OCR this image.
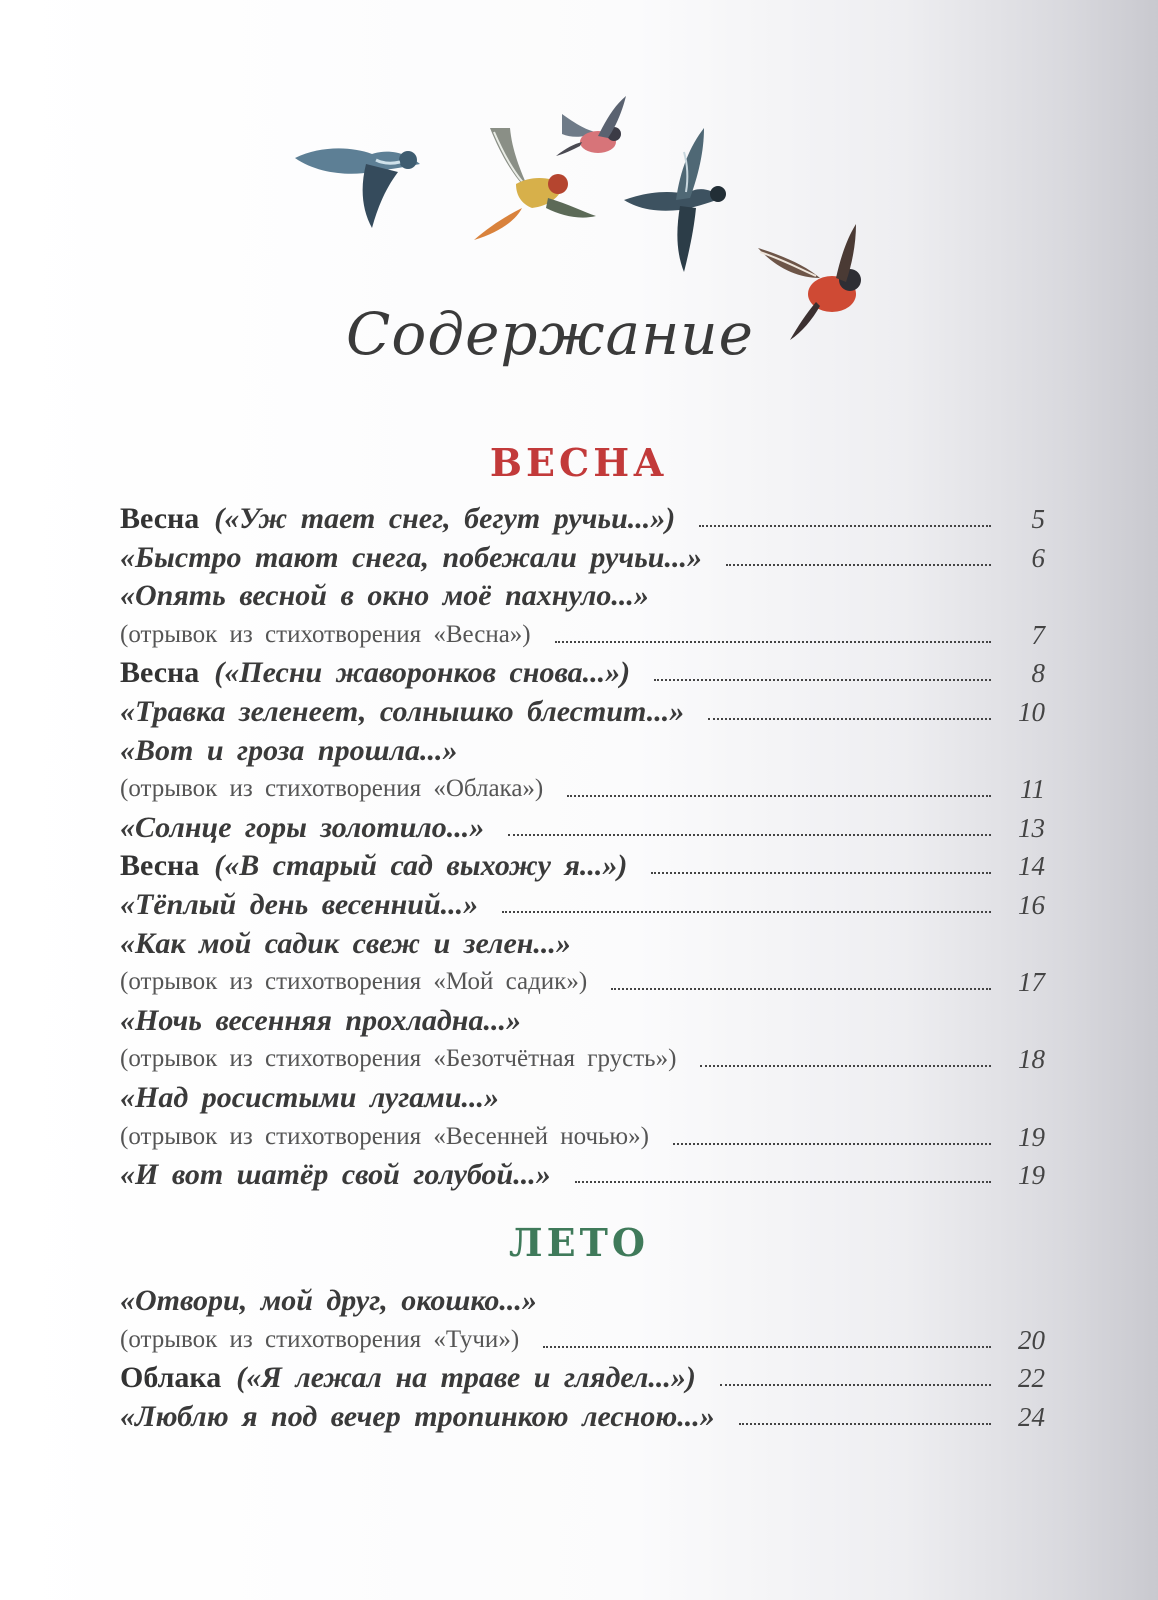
Содержание
Весна («Уж тает снег, бегут ручьи...»)	5
«Быстро тают снега, побежали ручьи...»	6
«Опять весной в окно моё пахнуло...»
(отрывок из стихотворения «Весна»)	7
Весна («Песни жаворонков снова...»)	8
«Травка зеленеет, солнышко блестит...»	10
«Вот и гроза прошла...»
(отрывок из стихотворения «Облака»)	11
«Солнце горы золотило...»	13
Весна («В старый сад выхожу я...»)	14
«Тёплый день весенний...»	16
«Как мой садик свеж и зелен...»
(отрывок из стихотворения «Мой садик»)	17
«Ночь весенняя прохладна...»
(отрывок из стихотворения «Безотчётная грусть»)	18
«Над росистыми лугами...»
(отрывок из стихотворения «Весенней ночью»)	19
«И вот шатёр свой голубой...»	19
«Отвори, мой друг, окошко...»
(отрывок из стихотворения «Тучи»)	20
Облака («Я лежал на траве и глядел...»)	22
«Люблю я под вечер тропинкою лесною...»	24
ВЕСНА
ЛЕТО
